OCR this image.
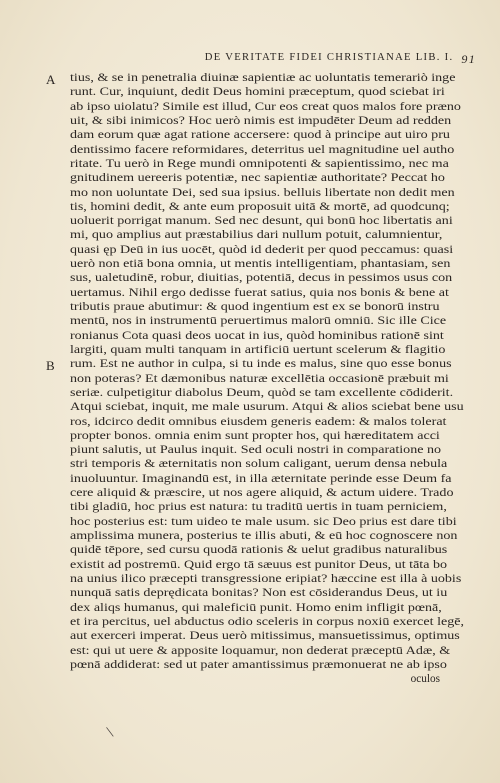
DE VERITATE FIDEI CHRISTIANAE LIB. I. 91
A
B
tius, & se in penetralia diuinæ sapientiæ ac uoluntatis temerariò inge
runt. Cur, inquiunt, dedit Deus homini præceptum, quod sciebat iri
ab ipso uiolatu? Simile est illud, Cur eos creat quos malos fore præno
uit, & sibi inimicos? Hoc uerò nimis est impudēter Deum ad redden
dam eorum quæ agat ratione accersere: quod à principe aut uiro pru
dentissimo facere reformidares, deterritus uel magnitudine uel autho
ritate. Tu uerò in Rege mundi omnipotenti & sapientissimo, nec ma
gnitudinem uereeris potentiæ, nec sapientiæ authoritate? Peccat ho
mo non uoluntate Dei, sed sua ipsius. belluis libertate non dedit men
tis, homini dedit, & ante eum proposuit uitā & mortē, ad quodcunq;
uoluerit porrigat manum. Sed nec desunt, qui bonū hoc libertatis ani
mi, quo amplius aut præstabilius dari nullum potuit, calumnientur,
quasi ęp Deū in ius uocēt, quòd id dederit per quod peccamus: quasi
uerò non etiā bona omnia, ut mentis intelligentiam, phantasiam, sen
sus, ualetudinē, robur, diuitias, potentiā, decus in pessimos usus con
uertamus. Nihil ergo dedisse fuerat satius, quia nos bonis & bene at
tributis praue abutimur: & quod ingentium est ex se bonorū instru
mentū, nos in instrumentū peruertimus malorū omniū. Sic ille Cice
ronianus Cota quasi deos uocat in ius, quòd hominibus rationē sint
largiti, quam multi tanquam in artificiū uertunt scelerum & flagitio
rum. Est ne author in culpa, si tu inde es malus, sine quo esse bonus
non poteras? Et dæmonibus naturæ excellētia occasionē præbuit mi
seriæ. culpetigitur diabolus Deum, quòd se tam excellente cōdiderit.
Atqui sciebat, inquit, me male usurum. Atqui & alios sciebat bene usu
ros, idcirco dedit omnibus eiusdem generis eadem: & malos tolerat
propter bonos. omnia enim sunt propter hos, qui hæreditatem acci
piunt salutis, ut Paulus inquit. Sed oculi nostri in comparatione no
stri temporis & æternitatis non solum caligant, uerum densa nebula
inuoluuntur. Imaginandū est, in illa æternitate perinde esse Deum fa
cere aliquid & præscire, ut nos agere aliquid, & actum uidere. Trado
tibi gladiū, hoc prius est natura: tu traditū uertis in tuam perniciem,
hoc posterius est: tum uideo te male usum. sic Deo prius est dare tibi
amplissima munera, posterius te illis abuti, & eū hoc cognoscere non
quidē tēpore, sed cursu quodā rationis & uelut gradibus naturalibus
existit ad postremū. Quid ergo tā sæuus est punitor Deus, ut tāta bo
na unius ilico præcepti transgressione eripiat? hæccine est illa à uobis
nunquā satis deprędicata bonitas? Non est cōsiderandus Deus, ut iu
dex aliqs humanus, qui maleficiū punit. Homo enim infligit pœnā,
et ira percitus, uel abductus odio sceleris in corpus noxiū exercet legē,
aut exerceri imperat. Deus uerò mitissimus, mansuetissimus, optimus
est: qui ut uere & apposite loquamur, non dederat præceptū Adæ, &
pœnā addiderat: sed ut pater amantissimus præmonuerat ne ab ipso
oculos
\
